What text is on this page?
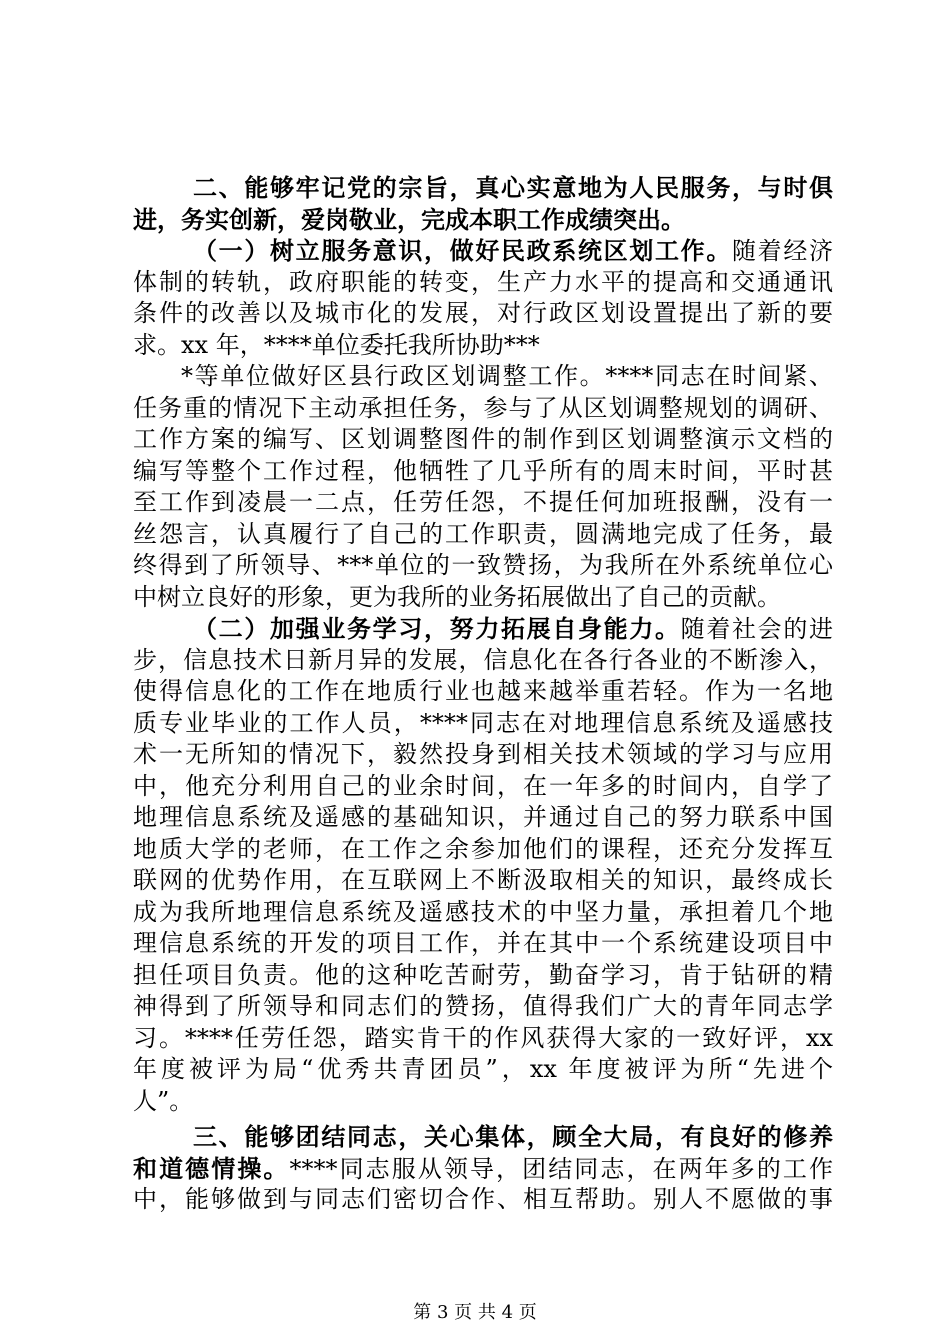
二、能够牢记党的宗旨，真心实意地为人民服务，与时俱
进，务实创新，爱岗敬业，完成本职工作成绩突出。
（一）树立服务意识，做好民政系统区划工作。随着经济
体制的转轨，政府职能的转变，生产力水平的提高和交通通讯
条件的改善以及城市化的发展，对行政区划设置提出了新的要
求。xx 年，****单位委托我所协助***
*等单位做好区县行政区划调整工作。****同志在时间紧、
任务重的情况下主动承担任务，参与了从区划调整规划的调研、
工作方案的编写、区划调整图件的制作到区划调整演示文档的
编写等整个工作过程，他牺牲了几乎所有的周末时间，平时甚
至工作到凌晨一二点，任劳任怨，不提任何加班报酬，没有一
丝怨言，认真履行了自己的工作职责，圆满地完成了任务，最
终得到了所领导、***单位的一致赞扬，为我所在外系统单位心
中树立良好的形象，更为我所的业务拓展做出了自己的贡献。
（二）加强业务学习，努力拓展自身能力。随着社会的进
步，信息技术日新月异的发展，信息化在各行各业的不断渗入，
使得信息化的工作在地质行业也越来越举重若轻。作为一名地
质专业毕业的工作人员，****同志在对地理信息系统及遥感技
术一无所知的情况下，毅然投身到相关技术领域的学习与应用
中，他充分利用自己的业余时间，在一年多的时间内，自学了
地理信息系统及遥感的基础知识，并通过自己的努力联系中国
地质大学的老师，在工作之余参加他们的课程，还充分发挥互
联网的优势作用，在互联网上不断汲取相关的知识，最终成长
成为我所地理信息系统及遥感技术的中坚力量，承担着几个地
理信息系统的开发的项目工作，并在其中一个系统建设项目中
担任项目负责。他的这种吃苦耐劳，勤奋学习，肯于钻研的精
神得到了所领导和同志们的赞扬，值得我们广大的青年同志学
习。****任劳任怨，踏实肯干的作风获得大家的一致好评，xx
年度被评为局“优秀共青团员”，xx 年度被评为所“先进个
人”。
三、能够团结同志，关心集体，顾全大局，有良好的修养
和道德情操。****同志服从领导，团结同志，在两年多的工作
中，能够做到与同志们密切合作、相互帮助。别人不愿做的事
第 3 页 共 4 页
